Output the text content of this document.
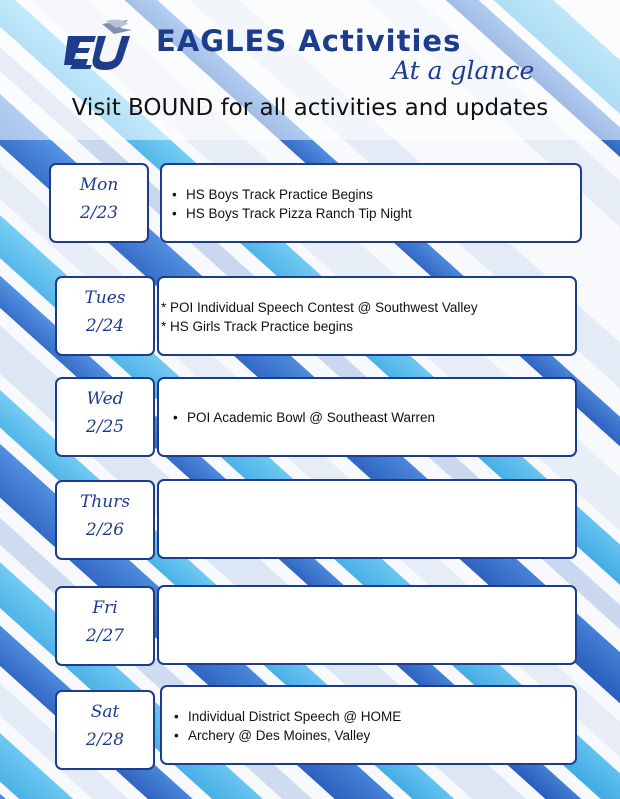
EAGLES Activities
At a glance
Visit BOUND for all activities and updates
Mon
2/23
• HS Boys Track Practice Begins
• HS Boys Track Pizza Ranch Tip Night
Tues
2/24
* POI Individual Speech Contest @ Southwest Valley
* HS Girls Track Practice begins
Wed
2/25
•	POI Academic Bowl @ Southeast Warren
Thurs
2/26
Fri
2/27
Sat
2/28
• Individual District Speech @ HOME
• Archery @ Des Moines, Valley
